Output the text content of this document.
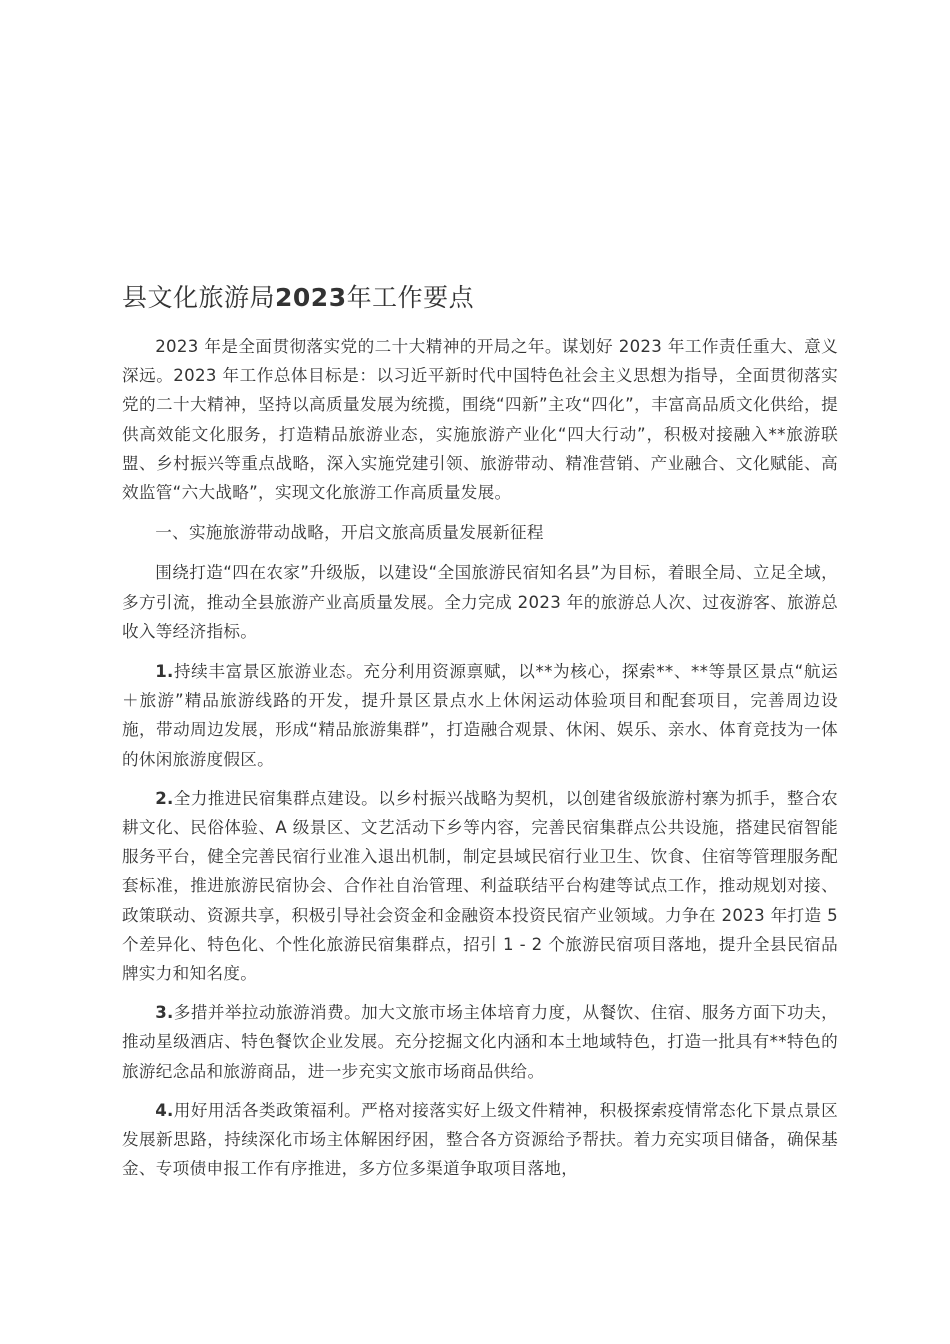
县文化旅游局2023年工作要点

2023 年是全面贯彻落实党的二十大精神的开局之年。谋划好 2023 年工作责任重大、意义深远。2023 年工作总体目标是：以习近平新时代中国特色社会主义思想为指导，全面贯彻落实党的二十大精神，坚持以高质量发展为统揽，围绕“四新”主攻“四化”，丰富高品质文化供给，提供高效能文化服务，打造精品旅游业态，实施旅游产业化“四大行动”，积极对接融入**旅游联盟、乡村振兴等重点战略，深入实施党建引领、旅游带动、精准营销、产业融合、文化赋能、高效监管“六大战略”，实现文化旅游工作高质量发展。

一、实施旅游带动战略，开启文旅高质量发展新征程

围绕打造“四在农家”升级版，以建设“全国旅游民宿知名县”为目标，着眼全局、立足全域，多方引流，推动全县旅游产业高质量发展。全力完成 2023 年的旅游总人次、过夜游客、旅游总收入等经济指标。

1.持续丰富景区旅游业态。充分利用资源禀赋，以**为核心，探索**、**等景区景点“航运＋旅游”精品旅游线路的开发，提升景区景点水上休闲运动体验项目和配套项目，完善周边设施，带动周边发展，形成“精品旅游集群”，打造融合观景、休闲、娱乐、亲水、体育竞技为一体的休闲旅游度假区。

2.全力推进民宿集群点建设。以乡村振兴战略为契机，以创建省级旅游村寨为抓手，整合农耕文化、民俗体验、A 级景区、文艺活动下乡等内容，完善民宿集群点公共设施，搭建民宿智能服务平台，健全完善民宿行业准入退出机制，制定县域民宿行业卫生、饮食、住宿等管理服务配套标准，推进旅游民宿协会、合作社自治管理、利益联结平台构建等试点工作，推动规划对接、政策联动、资源共享，积极引导社会资金和金融资本投资民宿产业领域。力争在 2023 年打造 5 个差异化、特色化、个性化旅游民宿集群点，招引 1 - 2 个旅游民宿项目落地，提升全县民宿品牌实力和知名度。

3.多措并举拉动旅游消费。加大文旅市场主体培育力度，从餐饮、住宿、服务方面下功夫，推动星级酒店、特色餐饮企业发展。充分挖掘文化内涵和本土地域特色，打造一批具有**特色的旅游纪念品和旅游商品，进一步充实文旅市场商品供给。

4.用好用活各类政策福利。严格对接落实好上级文件精神，积极探索疫情常态化下景点景区发展新思路，持续深化市场主体解困纾困，整合各方资源给予帮扶。着力充实项目储备，确保基金、专项债申报工作有序推进，多方位多渠道争取项目落地，
